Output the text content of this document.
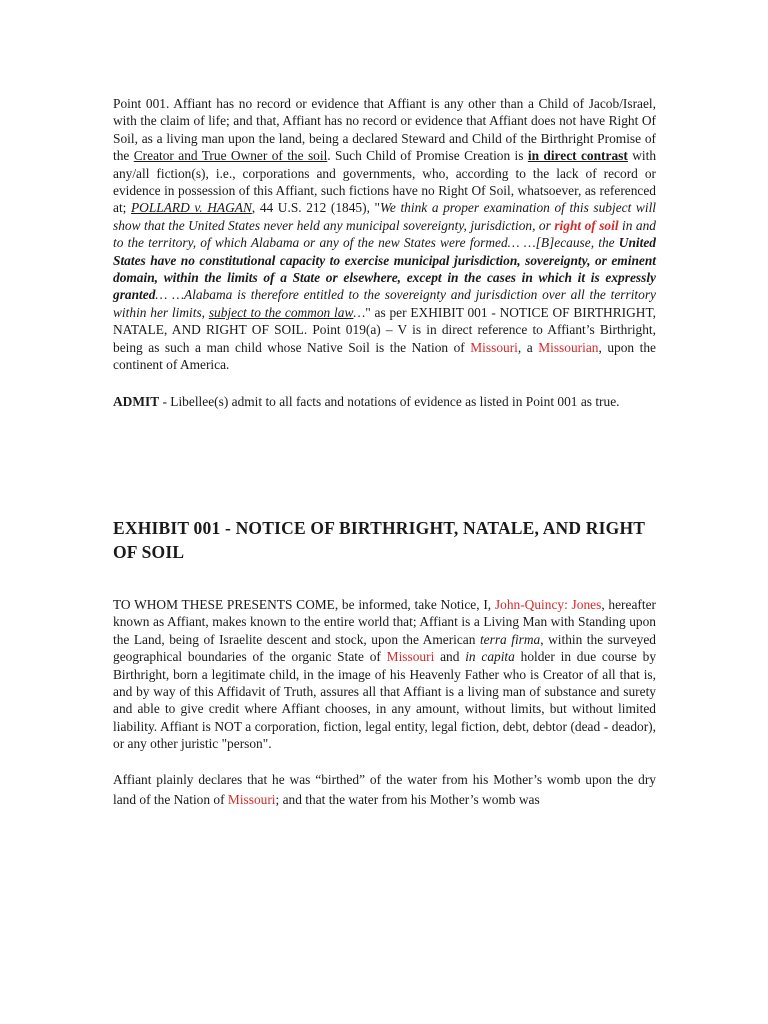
Point 001. Affiant has no record or evidence that Affiant is any other than a Child of Jacob/Israel, with the claim of life; and that, Affiant has no record or evidence that Affiant does not have Right Of Soil, as a living man upon the land, being a declared Steward and Child of the Birthright Promise of the Creator and True Owner of the soil. Such Child of Promise Creation is in direct contrast with any/all fiction(s), i.e., corporations and governments, who, according to the lack of record or evidence in possession of this Affiant, such fictions have no Right Of Soil, whatsoever, as referenced at; POLLARD v. HAGAN, 44 U.S. 212 (1845), "We think a proper examination of this subject will show that the United States never held any municipal sovereignty, jurisdiction, or right of soil in and to the territory, of which Alabama or any of the new States were formed… …[B]ecause, the United States have no constitutional capacity to exercise municipal jurisdiction, sovereignty, or eminent domain, within the limits of a State or elsewhere, except in the cases in which it is expressly granted… …Alabama is therefore entitled to the sovereignty and jurisdiction over all the territory within her limits, subject to the common law…" as per EXHIBIT 001 - NOTICE OF BIRTHRIGHT, NATALE, AND RIGHT OF SOIL. Point 019(a) – V is in direct reference to Affiant’s Birthright, being as such a man child whose Native Soil is the Nation of Missouri, a Missourian, upon the continent of America.

ADMIT - Libellee(s) admit to all facts and notations of evidence as listed in Point 001 as true.

EXHIBIT 001 - NOTICE OF BIRTHRIGHT, NATALE, AND RIGHT OF SOIL

TO WHOM THESE PRESENTS COME, be informed, take Notice, I, John-Quincy: Jones, hereafter known as Affiant, makes known to the entire world that; Affiant is a Living Man with Standing upon the Land, being of Israelite descent and stock, upon the American terra firma, within the surveyed geographical boundaries of the organic State of Missouri and in capita holder in due course by Birthright, born a legitimate child, in the image of his Heavenly Father who is Creator of all that is, and by way of this Affidavit of Truth, assures all that Affiant is a living man of substance and surety and able to give credit where Affiant chooses, in any amount, without limits, but without limited liability. Affiant is NOT a corporation, fiction, legal entity, legal fiction, debt, debtor (dead - deador), or any other juristic "person".

Affiant plainly declares that he was “birthed” of the water from his Mother’s womb upon the dry land of the Nation of Missouri; and that the water from his Mother’s womb was
